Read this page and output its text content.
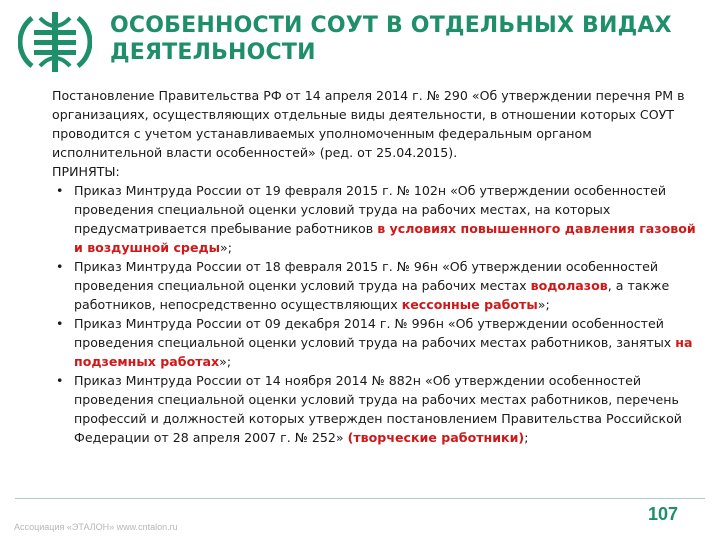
ОСОБЕННОСТИ СОУТ В ОТДЕЛЬНЫХ ВИДАХ
ДЕЯТЕЛЬНОСТИ

Постановление Правительства РФ от 14 апреля 2014 г. № 290 «Об утверждении перечня РМ в организациях, осуществляющих отдельные виды деятельности, в отношении которых СОУТ проводится с учетом устанавливаемых уполномоченным федеральным органом исполнительной власти особенностей» (ред. от 25.04.2015).

ПРИНЯТЫ:

• Приказ Минтруда России от 19 февраля 2015 г. № 102н «Об утверждении особенностей проведения специальной оценки условий труда на рабочих местах, на которых предусматривается пребывание работников в условиях повышенного давления газовой и воздушной среды»;
• Приказ Минтруда России от 18 февраля 2015 г. № 96н «Об утверждении особенностей проведения специальной оценки условий труда на рабочих местах водолазов, а также работников, непосредственно осуществляющих кессонные работы»;
• Приказ Минтруда России от 09 декабря 2014 г. № 996н «Об утверждении особенностей проведения специальной оценки условий труда на рабочих местах работников, занятых на подземных работах»;
• Приказ Минтруда России от 14 ноября 2014 № 882н «Об утверждении особенностей проведения специальной оценки условий труда на рабочих местах работников, перечень профессий и должностей которых утвержден постановлением Правительства Российской Федерации от 28 апреля 2007 г. № 252» (творческие работники);
Ассоциация «ЭТАЛОН» www.cntalon.ru
107
